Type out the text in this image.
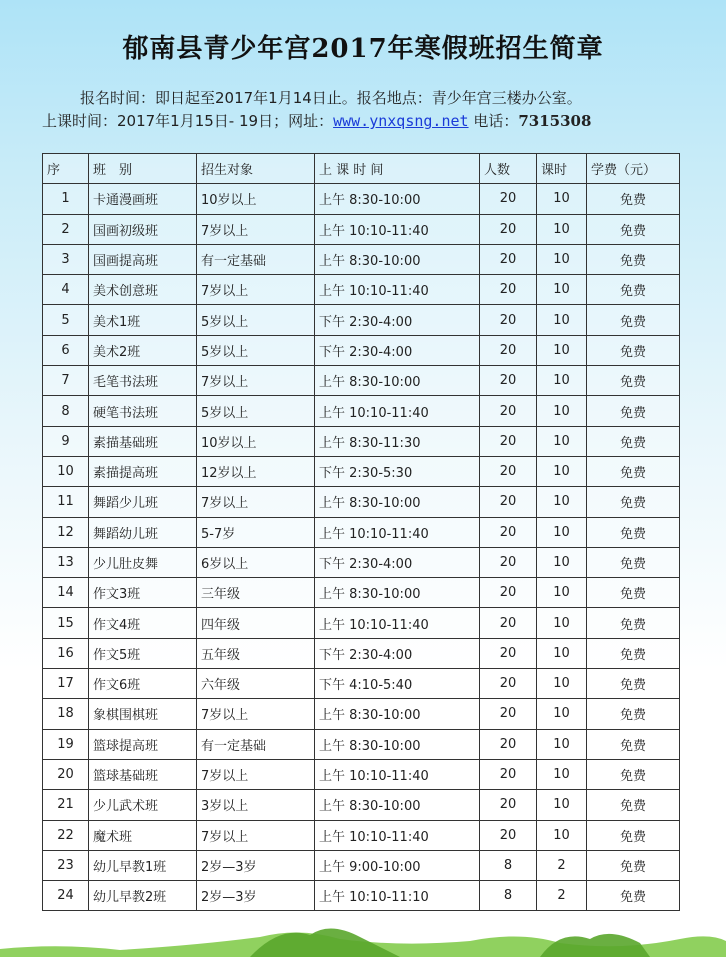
郁南县青少年宫2017年寒假班招生简章
报名时间：即日起至2017年1月14日止。报名地点：青少年宫三楼办公室。
上课时间：2017年1月15日- 19日；网址：www.ynxqsng.net 电话：7315308
序	班　别	招生对象	上 课 时 间	人数	课时	学费（元）
1	卡通漫画班	10岁以上	上午 8:30-10:00	20	10	免费
2	国画初级班	7岁以上	上午 10:10-11:40	20	10	免费
3	国画提高班	有一定基础	上午 8:30-10:00	20	10	免费
4	美术创意班	7岁以上	上午 10:10-11:40	20	10	免费
5	美术1班	5岁以上	下午 2:30-4:00	20	10	免费
6	美术2班	5岁以上	下午 2:30-4:00	20	10	免费
7	毛笔书法班	7岁以上	上午 8:30-10:00	20	10	免费
8	硬笔书法班	5岁以上	上午 10:10-11:40	20	10	免费
9	素描基础班	10岁以上	上午 8:30-11:30	20	10	免费
10	素描提高班	12岁以上	下午 2:30-5:30	20	10	免费
11	舞蹈少儿班	7岁以上	上午 8:30-10:00	20	10	免费
12	舞蹈幼儿班	5-7岁	上午 10:10-11:40	20	10	免费
13	少儿肚皮舞	6岁以上	下午 2:30-4:00	20	10	免费
14	作文3班	三年级	上午 8:30-10:00	20	10	免费
15	作文4班	四年级	上午 10:10-11:40	20	10	免费
16	作文5班	五年级	下午 2:30-4:00	20	10	免费
17	作文6班	六年级	下午 4:10-5:40	20	10	免费
18	象棋围棋班	7岁以上	上午 8:30-10:00	20	10	免费
19	篮球提高班	有一定基础	上午 8:30-10:00	20	10	免费
20	篮球基础班	7岁以上	上午 10:10-11:40	20	10	免费
21	少儿武术班	3岁以上	上午 8:30-10:00	20	10	免费
22	魔术班	7岁以上	上午 10:10-11:40	20	10	免费
23	幼儿早教1班	2岁—3岁	上午 9:00-10:00	8	2	免费
24	幼儿早教2班	2岁—3岁	上午 10:10-11:10	8	2	免费
